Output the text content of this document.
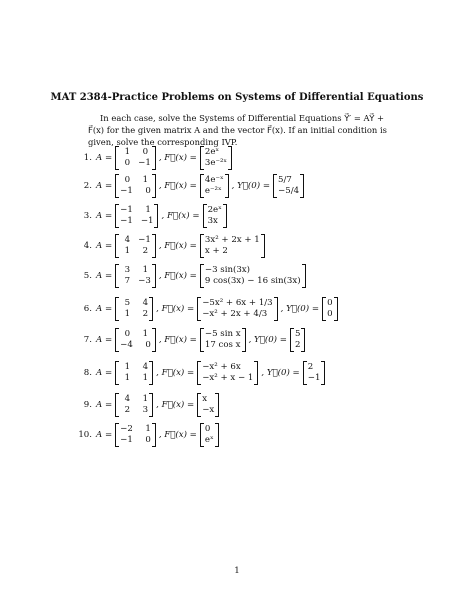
MAT 2384-Practice Problems on Systems of Differential Equations

In each case, solve the Systems of Differential Equations Y⃗′ = AY⃗ + F⃗(x) for the given matrix A and the vector F⃗(x). If an initial condition is given, solve the corresponding IVP.

1. A =
1	0
0 −1 , F⃗(x) =
2eˣ
3e⁻²ˣ
2. A =
0	1
−1	0 , F⃗(x) =
4e⁻ˣ
e⁻²ˣ , Y⃗(0) =
5/7
−5/4
3. A =
−1	1
−1 −1 , F⃗(x) =
2eˣ
3x
4. A =
4 −1
1	2 , F⃗(x) =
3x² + 2x + 1
x + 2
5. A =
3	1
7 −3 , F⃗(x) =
−3 sin(3x)
9 cos(3x) − 16 sin(3x)
6. A =
5	4
1	2 , F⃗(x) =
−5x² + 6x + 1/3
−x² + 2x + 4/3	, Y⃗(0) =
0
0
7. A =
0	1
−4	0 , F⃗(x) =
−5 sin x
17 cos x , Y⃗(0) =
5
2
8. A =
1	4
1	1 , F⃗(x) =
−x² + 6x
−x² + x − 1 , Y⃗(0) =
2
−1
9. A =
4	1
2	3 , F⃗(x) =
x
−x
10. A =
−2	1
−1	0 , F⃗(x) =
0
eˣ
1
